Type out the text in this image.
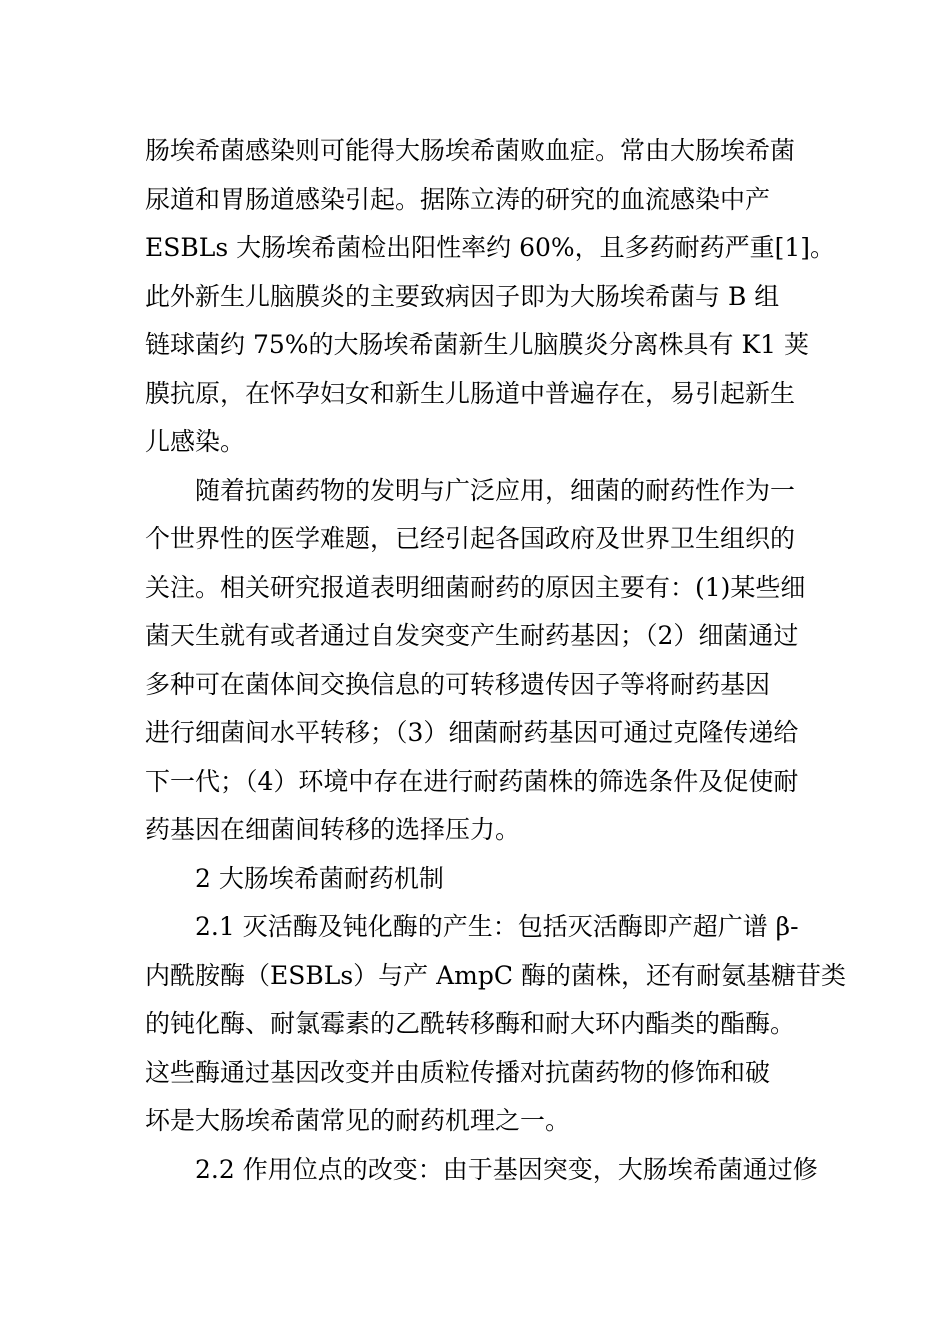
肠埃希菌感染则可能得大肠埃希菌败血症。常由大肠埃希菌
尿道和胃肠道感染引起。据陈立涛的研究的血流感染中产
ESBLs 大肠埃希菌检出阳性率约 60%，且多药耐药严重[1]。
此外新生儿脑膜炎的主要致病因子即为大肠埃希菌与 B 组
链球菌约 75%的大肠埃希菌新生儿脑膜炎分离株具有 K1 荚
膜抗原，在怀孕妇女和新生儿肠道中普遍存在，易引起新生
儿感染。
随着抗菌药物的发明与广泛应用，细菌的耐药性作为一
个世界性的医学难题，已经引起各国政府及世界卫生组织的
关注。相关研究报道表明细菌耐药的原因主要有：(1)某些细
菌天生就有或者通过自发突变产生耐药基因；（2）细菌通过
多种可在菌体间交换信息的可转移遗传因子等将耐药基因
进行细菌间水平转移；（3）细菌耐药基因可通过克隆传递给
下一代；（4）环境中存在进行耐药菌株的筛选条件及促使耐
药基因在细菌间转移的选择压力。
2 大肠埃希菌耐药机制
2.1 灭活酶及钝化酶的产生：包括灭活酶即产超广谱 β-
内酰胺酶（ESBLs）与产 AmpC 酶的菌株，还有耐氨基糖苷类
的钝化酶、耐氯霉素的乙酰转移酶和耐大环内酯类的酯酶。
这些酶通过基因改变并由质粒传播对抗菌药物的修饰和破
坏是大肠埃希菌常见的耐药机理之一。
2.2 作用位点的改变：由于基因突变，大肠埃希菌通过修
